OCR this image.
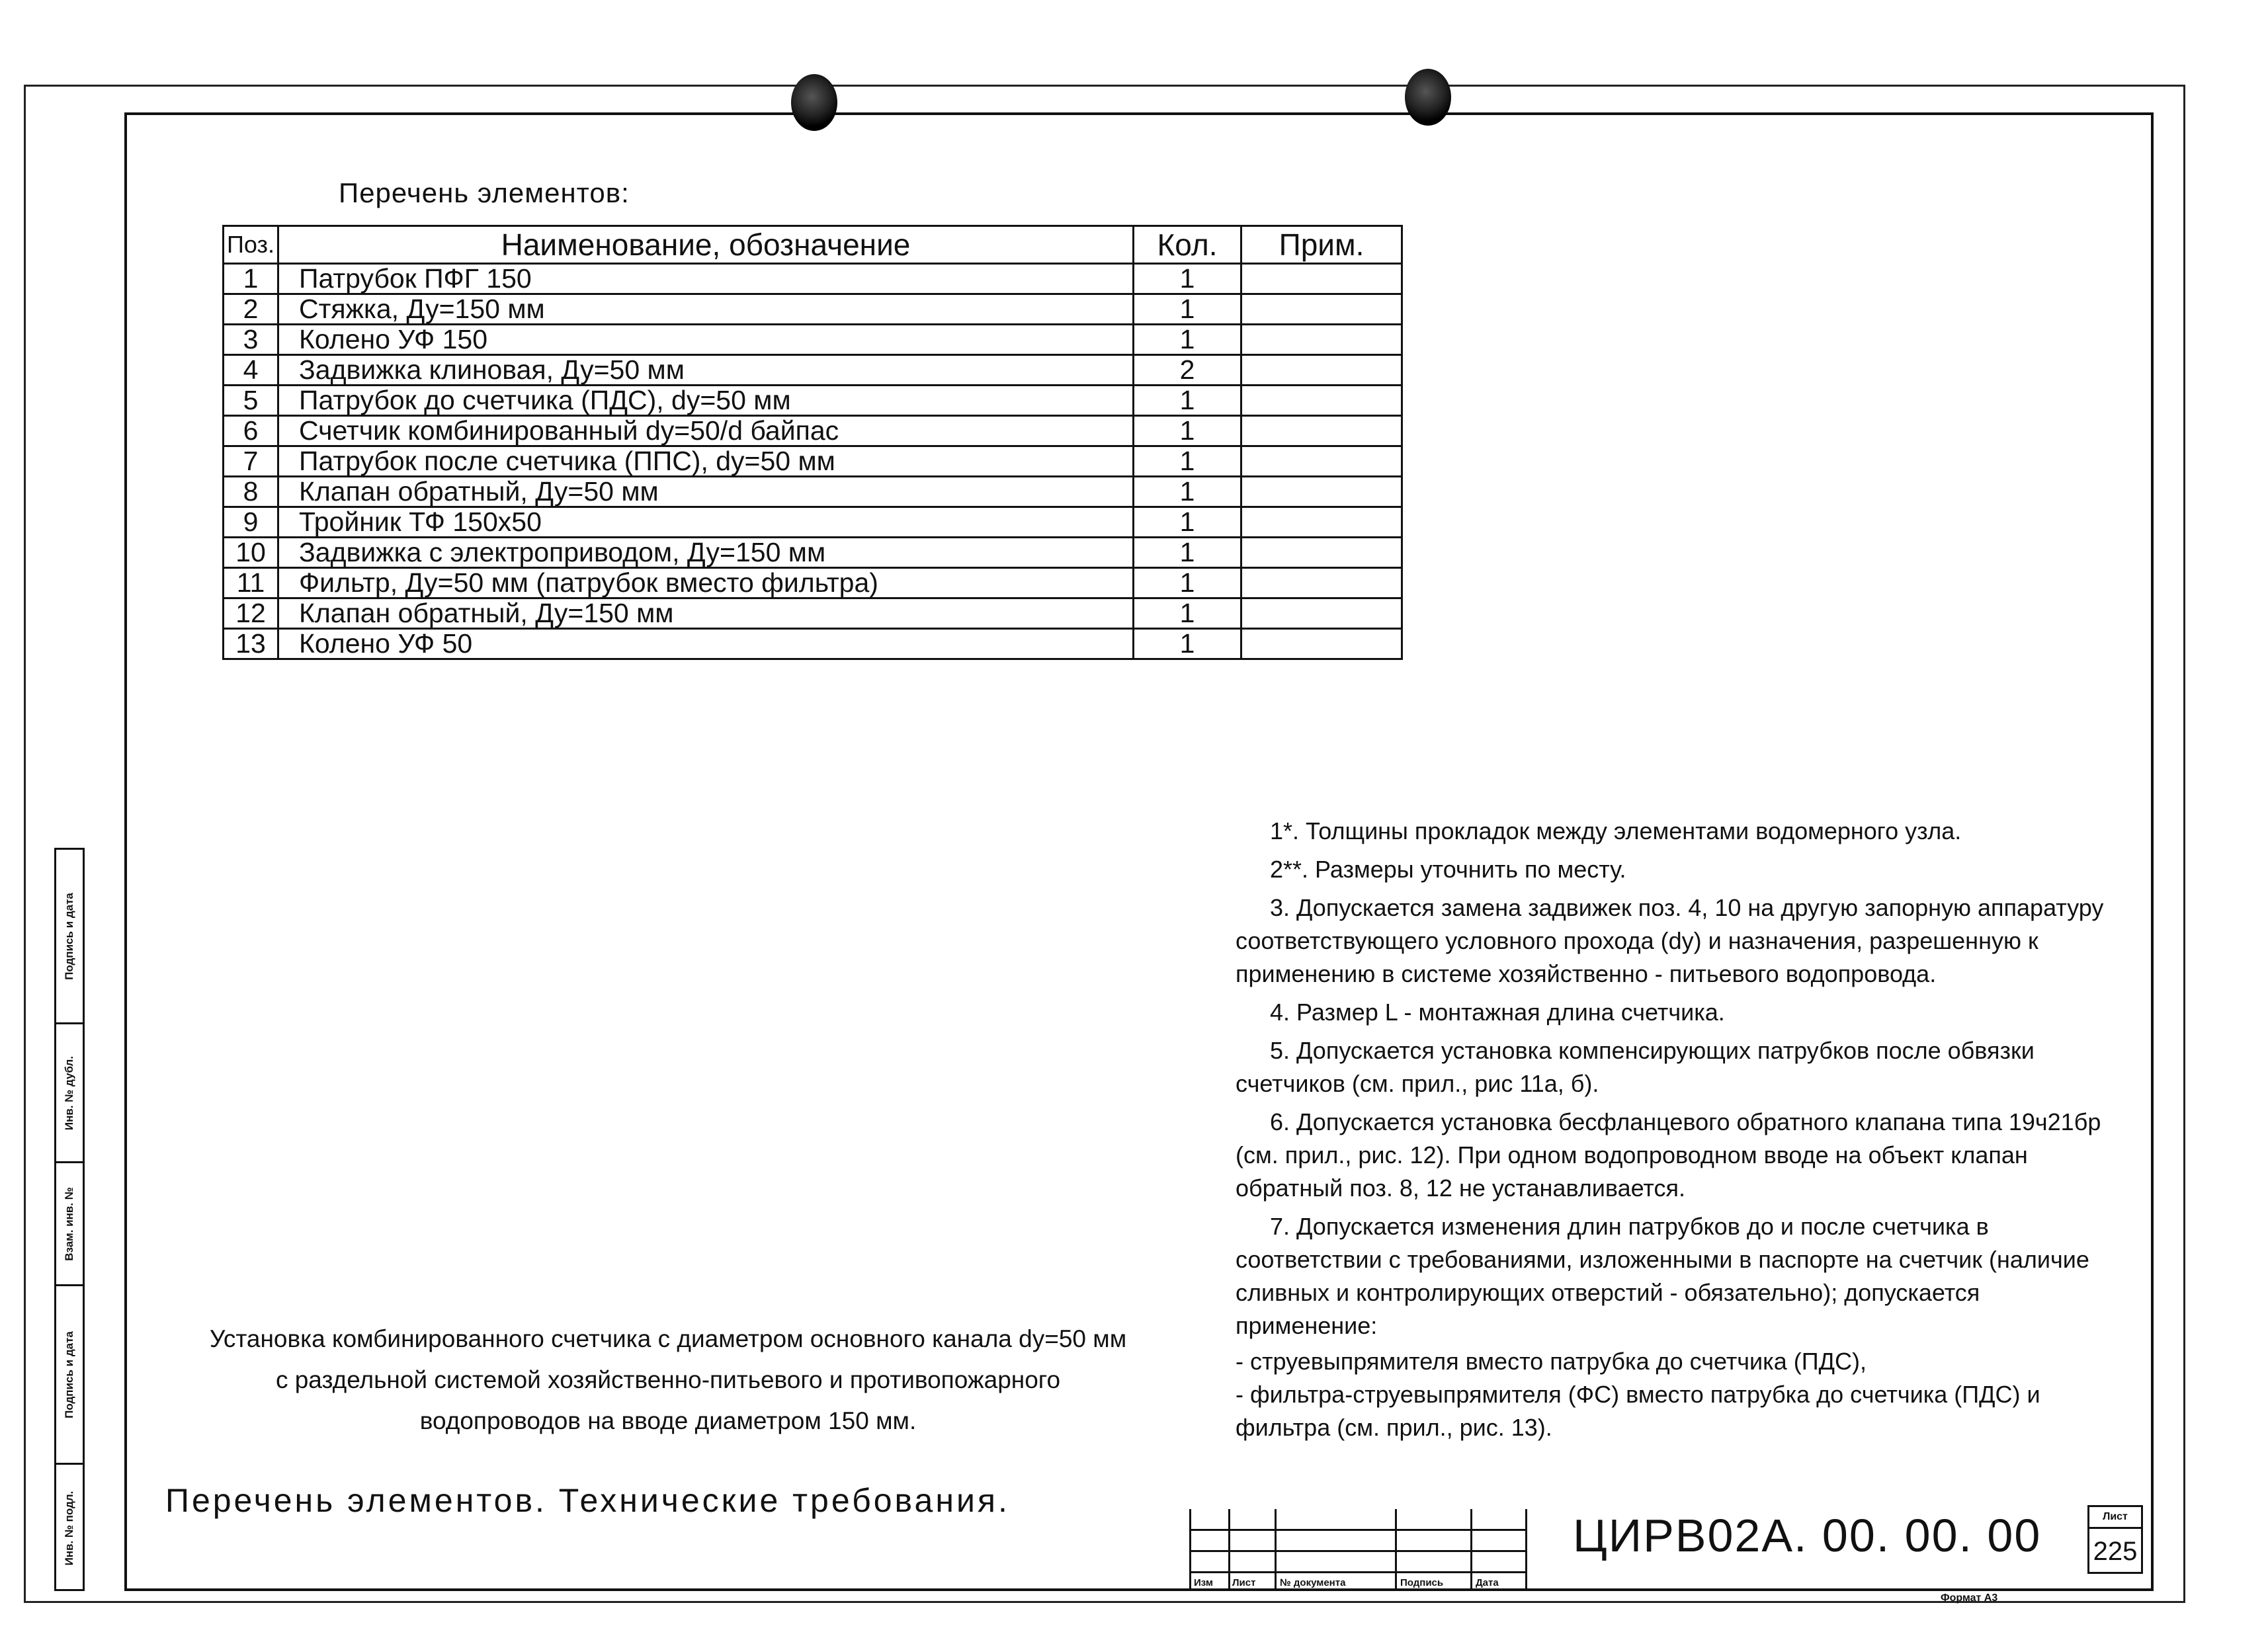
Перечень элементов:
Поз.	Наименование, обозначение	Кол.	Прим.
1	Патрубок ПФГ 150	1	
2	Стяжка, Ду=150 мм	1	
3	Колено УФ 150	1	
4	Задвижка клиновая, Ду=50 мм	2	
5	Патрубок до счетчика (ПДС), dy=50 мм	1	
6	Счетчик комбинированный dy=50/d байпас	1	
7	Патрубок после счетчика (ППС), dy=50 мм	1	
8	Клапан обратный, Ду=50 мм	1	
9	Тройник ТФ 150х50	1	
10	Задвижка с электроприводом, Ду=150 мм	1	
11	Фильтр, Ду=50 мм (патрубок вместо фильтра)	1	
12	Клапан обратный, Ду=150 мм	1	
13	Колено УФ 50	1	

1*. Толщины прокладок между элементами водомерного узла.

2**. Размеры уточнить по месту.

3. Допускается замена задвижек поз. 4, 10 на другую запорную аппаратуру соответствующего условного прохода (dy) и назначения, разрешенную к применению в системе хозяйственно - питьевого водопровода.

4. Размер L - монтажная длина счетчика.

5. Допускается установка компенсирующих патрубков после обвязки счетчиков (см. прил., рис 11а, б).

6. Допускается установка бесфланцевого обратного клапана типа 19ч21бр (см. прил., рис. 12). При одном водопроводном вводе на объект клапан обратный поз. 8, 12 не устанавливается.

7. Допускается изменения длин патрубков до и после счетчика в соответствии с требованиями, изложенными в паспорте на счетчик (наличие сливных и контролирующих отверстий - обязательно); допускается применение:

- струевыпрямителя вместо патрубка до счетчика (ПДС),

- фильтра-струевыпрямителя (ФС) вместо патрубка до счетчика (ПДС) и фильтра (см. прил., рис. 13).

Установка комбинированного счетчика с диаметром основного канала dy=50 мм
с раздельной системой хозяйственно-питьевого и противопожарного
водопроводов на вводе диаметром 150 мм.
Перечень элементов. Технические требования.
Подпись и дата
Инв. № дубл.
Взам. инв. №
Подпись и дата
Инв. № подл.
Изм Лист № документа	Подпись	Дата
ЦИРВ02А. 00. 00. 00	Лист
225
Формат А3
